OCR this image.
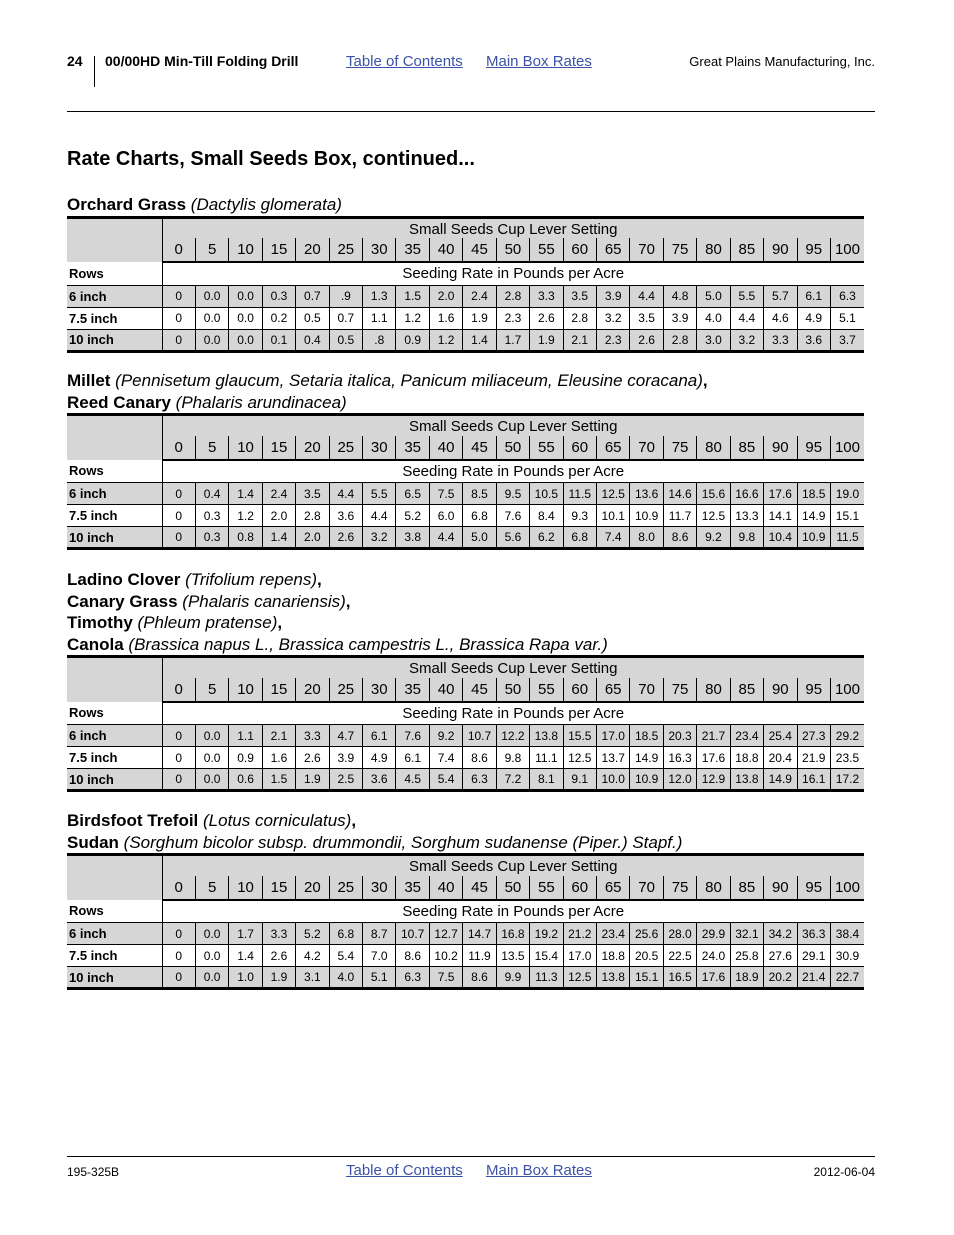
24 00/00HD Min-Till Folding Drill	Table of Contents Main Box Rates	Great Plains Manufacturing, Inc.
Rate Charts, Small Seeds Box, continued...
Orchard Grass (Dactylis glomerata)
	Small Seeds Cup Lever Setting																				
	0	5	10	15	20	25	30	35	40	45	50	55	60	65	70	75	80	85	90	95	100
Rows	Seeding Rate in Pounds per Acre																				
6 inch	0	0.0	0.0	0.3	0.7	.9	1.3	1.5	2.0	2.4	2.8	3.3	3.5	3.9	4.4	4.8	5.0	5.5	5.7	6.1	6.3
7.5 inch	0	0.0	0.0	0.2	0.5	0.7	1.1	1.2	1.6	1.9	2.3	2.6	2.8	3.2	3.5	3.9	4.0	4.4	4.6	4.9	5.1
10 inch	0	0.0	0.0	0.1	0.4	0.5	.8	0.9	1.2	1.4	1.7	1.9	2.1	2.3	2.6	2.8	3.0	3.2	3.3	3.6	3.7
Millet (Pennisetum glaucum, Setaria italica, Panicum miliaceum, Eleusine coracana),
Reed Canary (Phalaris arundinacea)
	Small Seeds Cup Lever Setting																				
	0	5	10	15	20	25	30	35	40	45	50	55	60	65	70	75	80	85	90	95	100
Rows	Seeding Rate in Pounds per Acre																				
6 inch	0	0.4	1.4	2.4	3.5	4.4	5.5	6.5	7.5	8.5	9.5	10.5	11.5	12.5	13.6	14.6	15.6	16.6	17.6	18.5	19.0
7.5 inch	0	0.3	1.2	2.0	2.8	3.6	4.4	5.2	6.0	6.8	7.6	8.4	9.3	10.1	10.9	11.7	12.5	13.3	14.1	14.9	15.1
10 inch	0	0.3	0.8	1.4	2.0	2.6	3.2	3.8	4.4	5.0	5.6	6.2	6.8	7.4	8.0	8.6	9.2	9.8	10.4	10.9	11.5
Ladino Clover (Trifolium repens),
Canary Grass (Phalaris canariensis),
Timothy (Phleum pratense),
Canola (Brassica napus L., Brassica campestris L., Brassica Rapa var.)
	Small Seeds Cup Lever Setting																				
	0	5	10	15	20	25	30	35	40	45	50	55	60	65	70	75	80	85	90	95	100
Rows	Seeding Rate in Pounds per Acre																				
6 inch	0	0.0	1.1	2.1	3.3	4.7	6.1	7.6	9.2	10.7	12.2	13.8	15.5	17.0	18.5	20.3	21.7	23.4	25.4	27.3	29.2
7.5 inch	0	0.0	0.9	1.6	2.6	3.9	4.9	6.1	7.4	8.6	9.8	11.1	12.5	13.7	14.9	16.3	17.6	18.8	20.4	21.9	23.5
10 inch	0	0.0	0.6	1.5	1.9	2.5	3.6	4.5	5.4	6.3	7.2	8.1	9.1	10.0	10.9	12.0	12.9	13.8	14.9	16.1	17.2
Birdsfoot Trefoil (Lotus corniculatus),
Sudan (Sorghum bicolor subsp. drummondii, Sorghum sudanense (Piper.) Stapf.)
	Small Seeds Cup Lever Setting																				
	0	5	10	15	20	25	30	35	40	45	50	55	60	65	70	75	80	85	90	95	100
Rows	Seeding Rate in Pounds per Acre																				
6 inch	0	0.0	1.7	3.3	5.2	6.8	8.7	10.7	12.7	14.7	16.8	19.2	21.2	23.4	25.6	28.0	29.9	32.1	34.2	36.3	38.4
7.5 inch	0	0.0	1.4	2.6	4.2	5.4	7.0	8.6	10.2	11.9	13.5	15.4	17.0	18.8	20.5	22.5	24.0	25.8	27.6	29.1	30.9
10 inch	0	0.0	1.0	1.9	3.1	4.0	5.1	6.3	7.5	8.6	9.9	11.3	12.5	13.8	15.1	16.5	17.6	18.9	20.2	21.4	22.7
195-325B	Table of Contents Main Box Rates	2012-06-04
